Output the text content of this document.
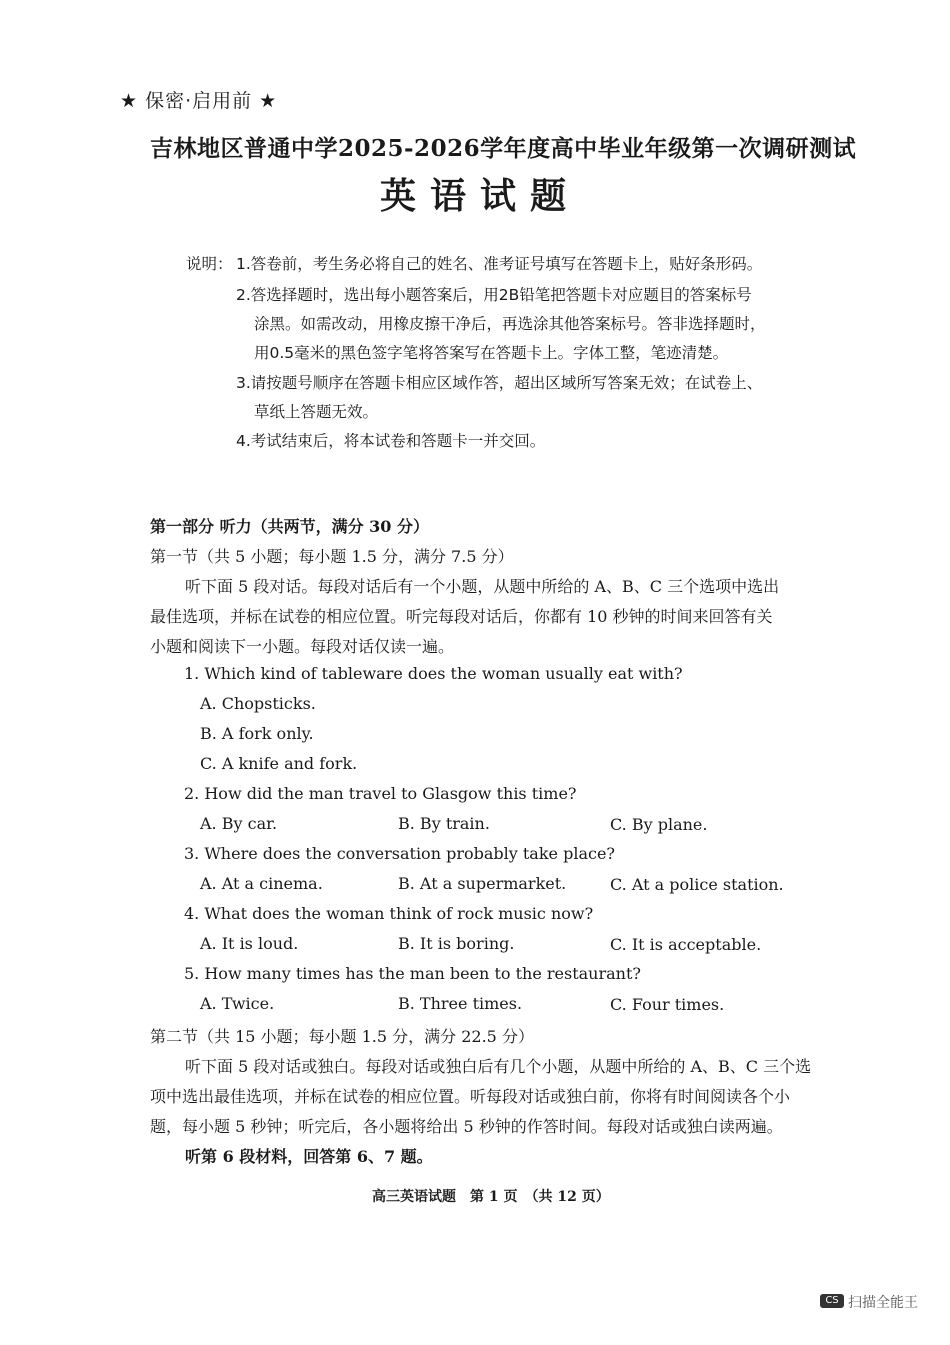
★ 保密·启用前 ★
吉林地区普通中学2025-2026学年度高中毕业年级第一次调研测试
英语试题
说明： 1.答卷前，考生务必将自己的姓名、准考证号填写在答题卡上，贴好条形码。
2.答选择题时，选出每小题答案后，用2B铅笔把答题卡对应题目的答案标号
涂黑。如需改动，用橡皮擦干净后，再选涂其他答案标号。答非选择题时，
用0.5毫米的黑色签字笔将答案写在答题卡上。字体工整，笔迹清楚。
3.请按题号顺序在答题卡相应区域作答，超出区域所写答案无效；在试卷上、
草纸上答题无效。
4.考试结束后，将本试卷和答题卡一并交回。
第一部分 听力（共两节，满分 30 分）
第一节（共 5 小题；每小题 1.5 分，满分 7.5 分）
听下面 5 段对话。每段对话后有一个小题，从题中所给的 A、B、C 三个选项中选出
最佳选项，并标在试卷的相应位置。听完每段对话后，你都有 10 秒钟的时间来回答有关
小题和阅读下一小题。每段对话仅读一遍。
1. Which kind of tableware does the woman usually eat with?
A. Chopsticks.
B. A fork only.
C. A knife and fork.
2. How did the man travel to Glasgow this time?
A. By car.	B. By train.	C. By plane.
3. Where does the conversation probably take place?
A. At a cinema.	B. At a supermarket.	C. At a police station.
4. What does the woman think of rock music now?
A. It is loud.	B. It is boring.	C. It is acceptable.
5. How many times has the man been to the restaurant?
A. Twice.	B. Three times.	C. Four times.
第二节（共 15 小题；每小题 1.5 分，满分 22.5 分）
听下面 5 段对话或独白。每段对话或独白后有几个小题，从题中所给的 A、B、C 三个选
项中选出最佳选项，并标在试卷的相应位置。听每段对话或独白前，你将有时间阅读各个小
题，每小题 5 秒钟；听完后，各小题将给出 5 秒钟的作答时间。每段对话或独白读两遍。
听第 6 段材料，回答第 6、7 题。
高三英语试题　第 1 页　（共 12 页）
CS 扫描全能王
